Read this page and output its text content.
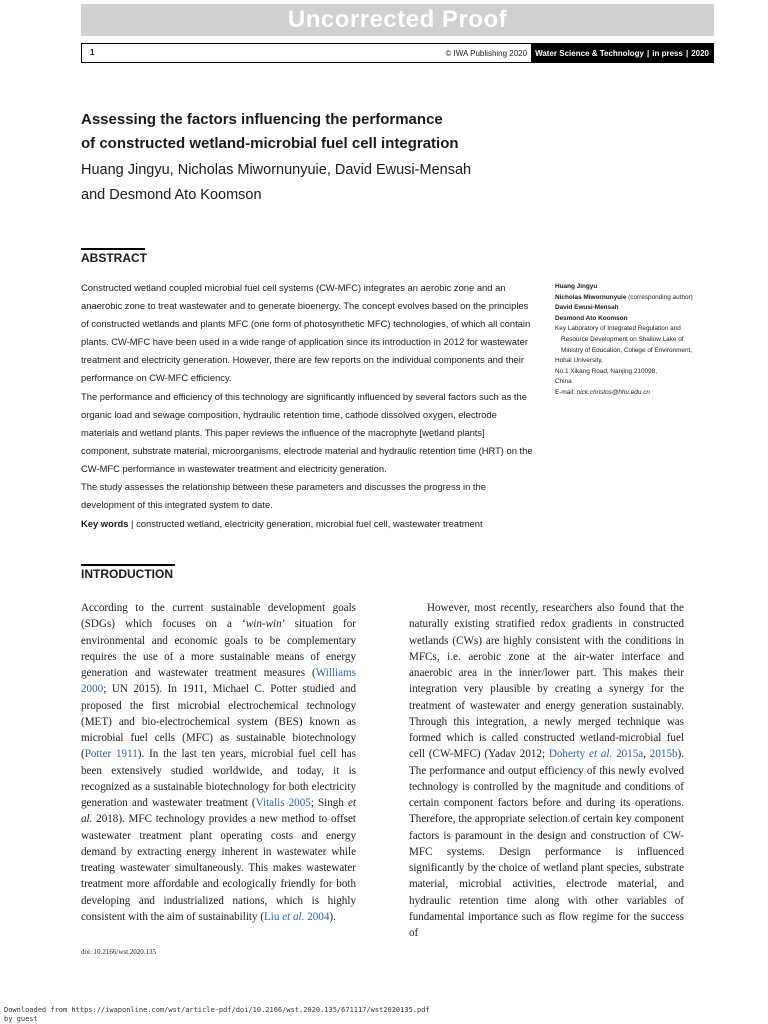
Uncorrected Proof
1	© IWA Publishing 2020	Water Science & Technology | in press | 2020
Assessing the factors influencing the performance
of constructed wetland-microbial fuel cell integration
Huang Jingyu, Nicholas Miwornunyuie, David Ewusi-Mensah
and Desmond Ato Koomson
ABSTRACT

Constructed wetland coupled microbial fuel cell systems (CW-MFC) integrates an aerobic zone and an anaerobic zone to treat wastewater and to generate bioenergy. The concept evolves based on the principles of constructed wetlands and plants MFC (one form of photosynthetic MFC) technologies, of which all contain plants. CW-MFC have been used in a wide range of application since its introduction in 2012 for wastewater treatment and electricity generation. However, there are few reports on the individual components and their performance on CW-MFC efficiency.

The performance and efficiency of this technology are significantly influenced by several factors such as the organic load and sewage composition, hydraulic retention time, cathode dissolved oxygen, electrode materials and wetland plants. This paper reviews the influence of the macrophyte [wetland plants] component, substrate material, microorganisms, electrode material and hydraulic retention time (HRT) on the CW-MFC performance in wastewater treatment and electricity generation.

The study assesses the relationship between these parameters and discusses the progress in the development of this integrated system to date.

Key words | constructed wetland, electricity generation, microbial fuel cell, wastewater treatment
Huang Jingyu
Nicholas Miwornunyuie (corresponding author)
David Ewusi-Mensah
Desmond Ato Koomson
Key Laboratory of Integrated Regulation and
Resource Development on Shallow Lake of
Ministry of Education, College of Environment,
Hohai University,
No.1 Xikang Road, Nanjing 210098,
China
E-mail: nick.christos@hhu.edu.cn
INTRODUCTION

According to the current sustainable development goals (SDGs) which focuses on a ‘win-win’ situation for environmental and economic goals to be complementary requires the use of a more sustainable means of energy generation and wastewater treatment measures (Williams 2000; UN 2015). In 1911, Michael C. Potter studied and proposed the first microbial electrochemical technology (MET) and bio-electrochemical system (BES) known as microbial fuel cells (MFC) as sustainable biotechnology (Potter 1911). In the last ten years, microbial fuel cell has been extensively studied worldwide, and today, it is recognized as a sustainable biotechnology for both electricity generation and wastewater treatment (Vitalis 2005; Singh et al. 2018). MFC technology provides a new method to offset wastewater treatment plant operating costs and energy demand by extracting energy inherent in wastewater while treating wastewater simultaneously. This makes wastewater treatment more affordable and ecologically friendly for both developing and industrialized nations, which is highly consistent with the aim of sustainability (Liu et al. 2004).

However, most recently, researchers also found that the naturally existing stratified redox gradients in constructed wetlands (CWs) are highly consistent with the conditions in MFCs, i.e. aerobic zone at the air-water interface and anaerobic area in the inner/lower part. This makes their integration very plausible by creating a synergy for the treatment of wastewater and energy generation sustainably. Through this integration, a newly merged technique was formed which is called constructed wetland-microbial fuel cell (CW-MFC) (Yadav 2012; Doherty et al. 2015a, 2015b). The performance and output efficiency of this newly evolved technology is controlled by the magnitude and conditions of certain component factors before and during its operations. Therefore, the appropriate selection of certain key component factors is paramount in the design and construction of CW-MFC systems. Design performance is influenced significantly by the choice of wetland plant species, substrate material, microbial activities, electrode material, and hydraulic retention time along with other variables of fundamental importance such as flow regime for the success of

doi: 10.2166/wst.2020.135
Downloaded from https://iwaponline.com/wst/article-pdf/doi/10.2166/wst.2020.135/671117/wst2020135.pdf
by guest
